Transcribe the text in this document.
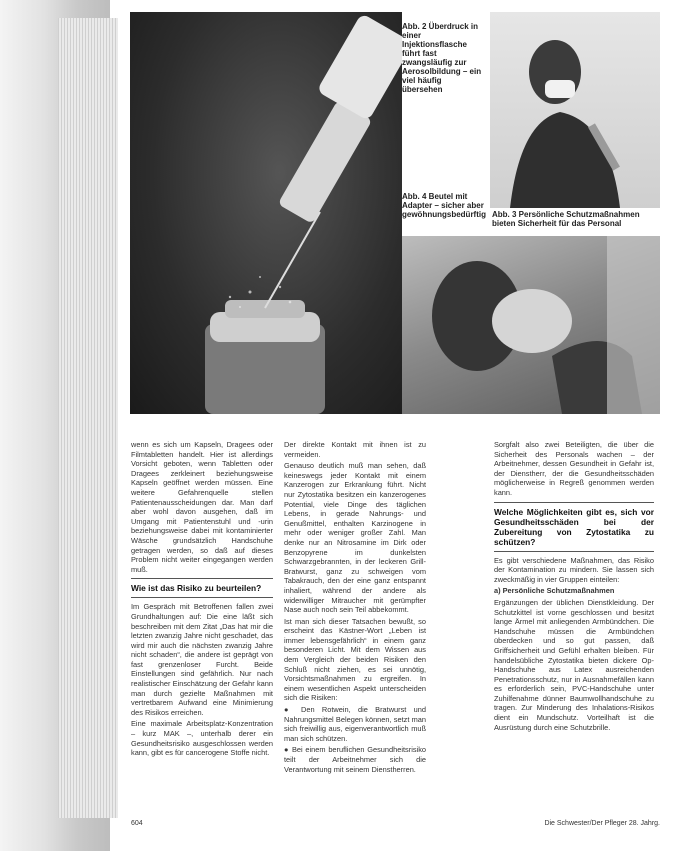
Abb. 2 Überdruck in einer Injektionsflasche führt fast zwangsläufig zur Aerosolbildung – ein viel häufig übersehen
Abb. 4 Beutel mit Adapter – sicher aber gewöhnungsbedürftig Abb. 3 Persönliche Schutzmaßnahmen bieten Sicherheit für das Personal

wenn es sich um Kapseln, Dragees oder Filmtabletten handelt. Hier ist allerdings Vorsicht geboten, wenn Tabletten oder Dragees zerkleinert beziehungsweise Kapseln geöffnet werden müssen. Eine weitere Gefahrenquelle stellen Patientenausscheidungen dar. Man darf aber wohl davon ausgehen, daß im Umgang mit Patientenstuhl und -urin beziehungsweise dabei mit kontaminierter Wäsche grundsätzlich Handschuhe getragen werden, so daß auf dieses Problem nicht weiter eingegangen werden muß.

Wie ist das Risiko zu beurteilen?

Im Gespräch mit Betroffenen fallen zwei Grundhaltungen auf: Die eine läßt sich beschreiben mit dem Zitat „Das hat mir die letzten zwanzig Jahre nicht geschadet, das wird mir auch die nächsten zwanzig Jahre nicht schaden“, die andere ist geprägt von fast grenzenloser Furcht. Beide Einstellungen sind gefährlich. Nur nach realistischer Einschätzung der Gefahr kann man durch gezielte Maßnahmen mit vertretbarem Aufwand eine Minimierung des Risikos erreichen.

Eine maximale Arbeitsplatz-Konzentration – kurz MAK –, unterhalb derer ein Gesundheitsrisiko ausgeschlossen werden kann, gibt es für cancerogene Stoffe nicht.

Der direkte Kontakt mit ihnen ist zu vermeiden.

Genauso deutlich muß man sehen, daß keineswegs jeder Kontakt mit einem Kanzerogen zur Erkrankung führt. Nicht nur Zytostatika besitzen ein kanzerogenes Potential, viele Dinge des täglichen Lebens, in gerade Nahrungs- und Genußmittel, enthalten Karzinogene in mehr oder weniger großer Zahl. Man denke nur an Nitrosamine im Dirk oder Benzopyrene im dunkelsten Schwarzgebrannten, in der leckeren Grill-Bratwurst, ganz zu schweigen vom Tabakrauch, den der eine ganz entspannt inhaliert, während der andere als widerwilliger Mitraucher mit gerümpfter Nase auch noch sein Teil abbekommt.

Ist man sich dieser Tatsachen bewußt, so erscheint das Kästner-Wort „Leben ist immer lebensgefährlich“ in einem ganz besonderen Licht. Mit dem Wissen aus dem Vergleich der beiden Risiken den Schluß nicht ziehen, es sei unnötig, Vorsichtsmaßnahmen zu ergreifen. In einem wesentlichen Aspekt unterscheiden sich die Risiken:

● Den Rotwein, die Bratwurst und Nahrungsmittel Belegen können, setzt man sich freiwillig aus, eigenverantwortlich muß man sich schützen.

● Bei einem beruflichen Gesundheitsrisiko teilt der Arbeitnehmer sich die Verantwortung mit seinem Dienstherren.

Sorgfalt also zwei Beteiligten, die über die Sicherheit des Personals wachen – der Arbeitnehmer, dessen Gesundheit in Gefahr ist, der Dienstherr, der die Gesundheitsschäden möglicherweise in Regreß genommen werden kann.

Welche Möglichkeiten gibt es, sich vor Gesundheitsschäden bei der Zubereitung von Zytostatika zu schützen?

Es gibt verschiedene Maßnahmen, das Risiko der Kontamination zu mindern. Sie lassen sich zweckmäßig in vier Gruppen einteilen:

a) Persönliche Schutzmaßnahmen

Ergänzungen der üblichen Dienstkleidung. Der Schutzkittel ist vorne geschlossen und besitzt lange Ärmel mit anliegenden Armbündchen. Die Handschuhe müssen die Armbündchen überdecken und so gut passen, daß Griffsicherheit und Gefühl erhalten bleiben. Für handelsübliche Zytostatika bieten dickere Op-Handschuhe aus Latex ausreichenden Penetrationsschutz, nur in Ausnahmefällen kann es erforderlich sein, PVC-Handschuhe unter Zuhilfenahme dünner Baumwollhandschuhe zu tragen. Zur Minderung des Inhalations-Risikos dient ein Mundschutz. Vorteilhaft ist die Ausrüstung durch eine Schutzbrille.

604	Die Schwester/Der Pfleger 28. Jahrg.
